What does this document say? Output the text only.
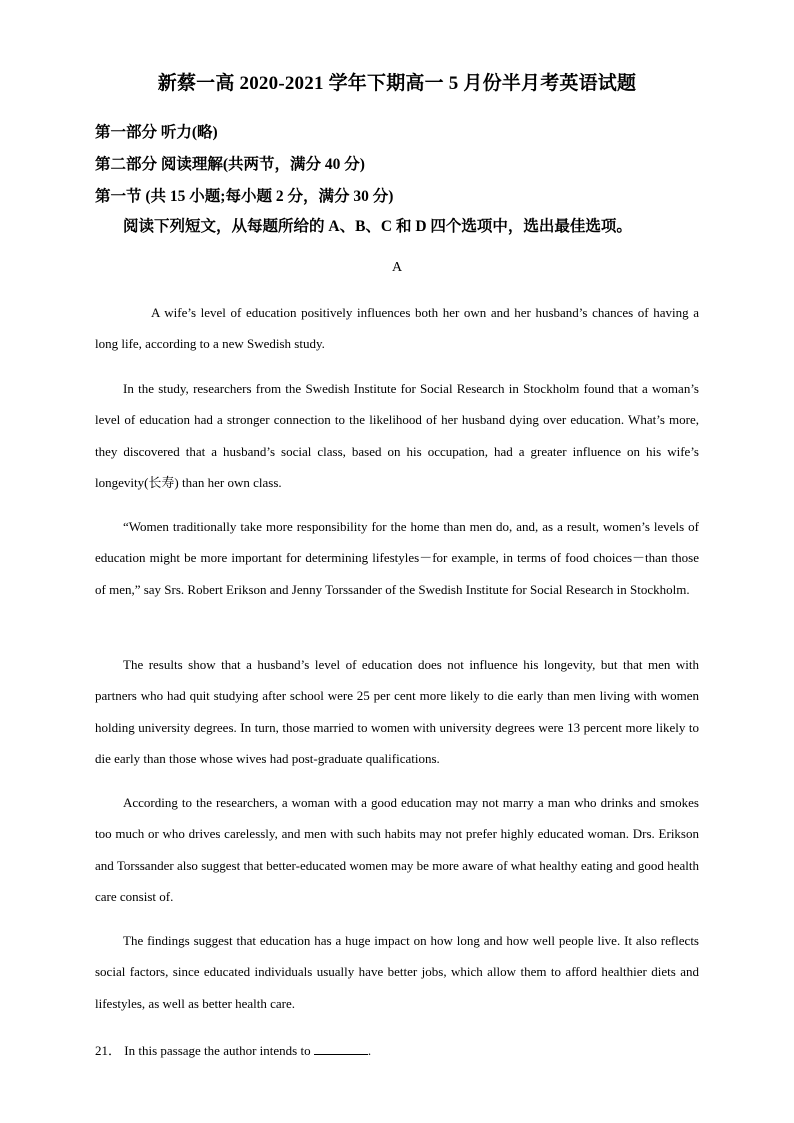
新蔡一高 2020-2021 学年下期高一 5 月份半月考英语试题
第一部分 听力(略)
第二部分 阅读理解(共两节，满分 40 分)
第一节 (共 15 小题;每小题 2 分，满分 30 分)
阅读下列短文，从每题所给的 A、B、C 和 D 四个选项中，选出最佳选项。
A

A wife’s level of education positively influences both her own and her husband’s chances of having a long life, according to a new Swedish study.

In the study, researchers from the Swedish Institute for Social Research in Stockholm found that a woman’s level of education had a stronger connection to the likelihood of her husband dying over education. What’s more, they discovered that a husband’s social class, based on his occupation, had a greater influence on his wife’s longevity(长寿) than her own class.

“Women traditionally take more responsibility for the home than men do, and, as a result, women’s levels of education might be more important for determining lifestyles－for example, in terms of food choices－than those of men,” say Srs. Robert Erikson and Jenny Torssander of the Swedish Institute for Social Research in Stockholm.

The results show that a husband’s level of education does not influence his longevity, but that men with partners who had quit studying after school were 25 per cent more likely to die early than men living with women holding university degrees. In turn, those married to women with university degrees were 13 percent more likely to die early than those whose wives had post-graduate qualifications.

According to the researchers, a woman with a good education may not marry a man who drinks and smokes too much or who drives carelessly, and men with such habits may not prefer highly educated woman. Drs. Erikson and Torssander also suggest that better-educated women may be more aware of what healthy eating and good health care consist of.

The findings suggest that education has a huge impact on how long and how well people live. It also reflects social factors, since educated individuals usually have better jobs, which allow them to afford healthier diets and lifestyles, as well as better health care.

21． In this passage the author intends to	.
